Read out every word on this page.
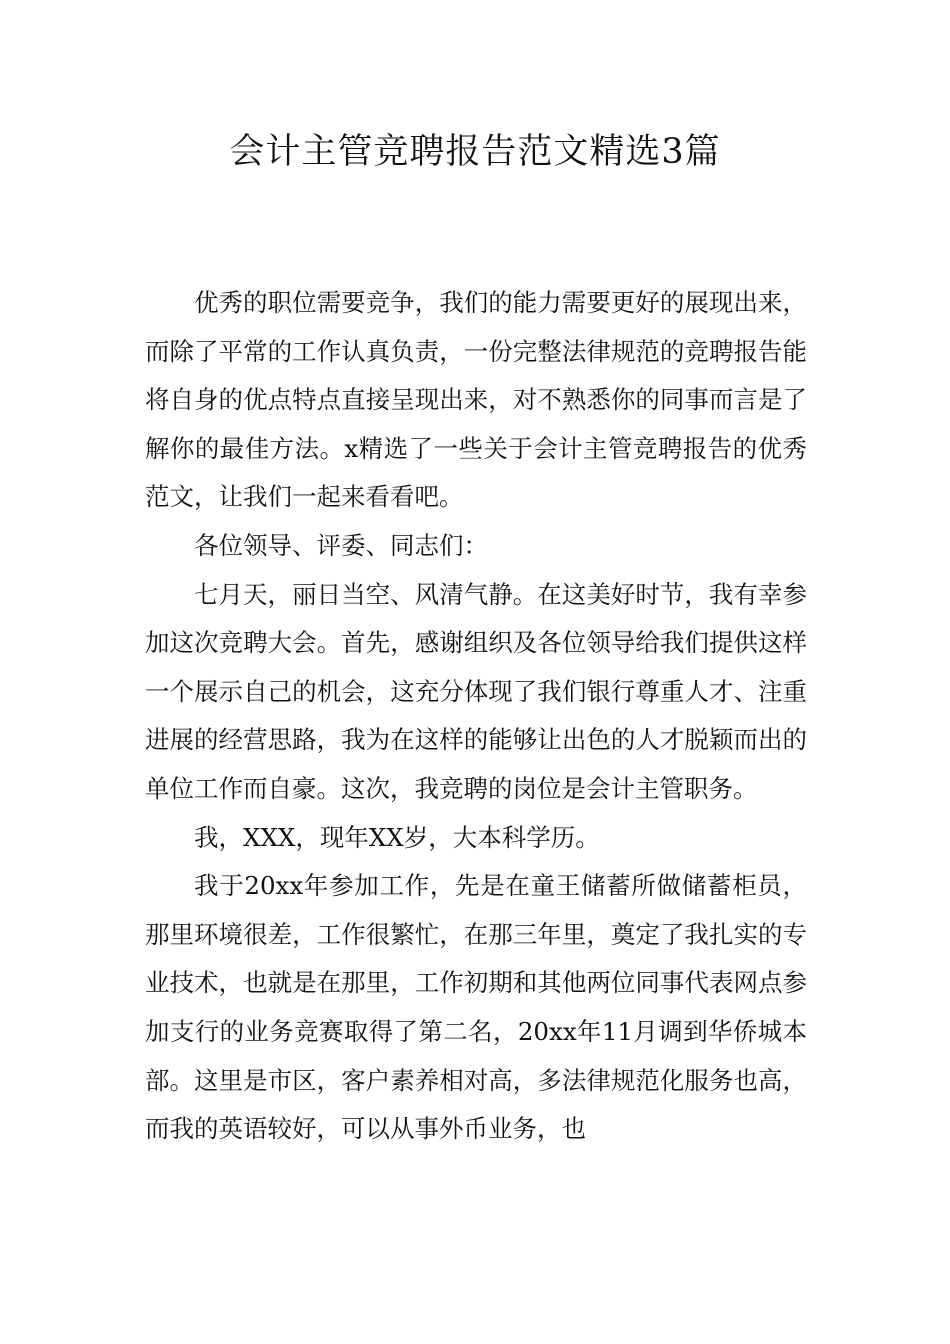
会计主管竞聘报告范文精选3篇

优秀的职位需要竞争，我们的能力需要更好的展现出来，而除了平常的工作认真负责，一份完整法律规范的竞聘报告能将自身的优点特点直接呈现出来，对不熟悉你的同事而言是了解你的最佳方法。x精选了一些关于会计主管竞聘报告的优秀范文，让我们一起来看看吧。

各位领导、评委、同志们：

七月天，丽日当空、风清气静。在这美好时节，我有幸参加这次竞聘大会。首先，感谢组织及各位领导给我们提供这样一个展示自己的机会，这充分体现了我们银行尊重人才、注重进展的经营思路，我为在这样的能够让出色的人才脱颖而出的单位工作而自豪。这次，我竞聘的岗位是会计主管职务。

我，XXX，现年XX岁，大本科学历。

我于20xx年参加工作，先是在童王储蓄所做储蓄柜员，那里环境很差，工作很繁忙，在那三年里，奠定了我扎实的专业技术，也就是在那里，工作初期和其他两位同事代表网点参加支行的业务竞赛取得了第二名，20xx年11月调到华侨城本部。这里是市区，客户素养相对高，多法律规范化服务也高，而我的英语较好，可以从事外币业务，也
